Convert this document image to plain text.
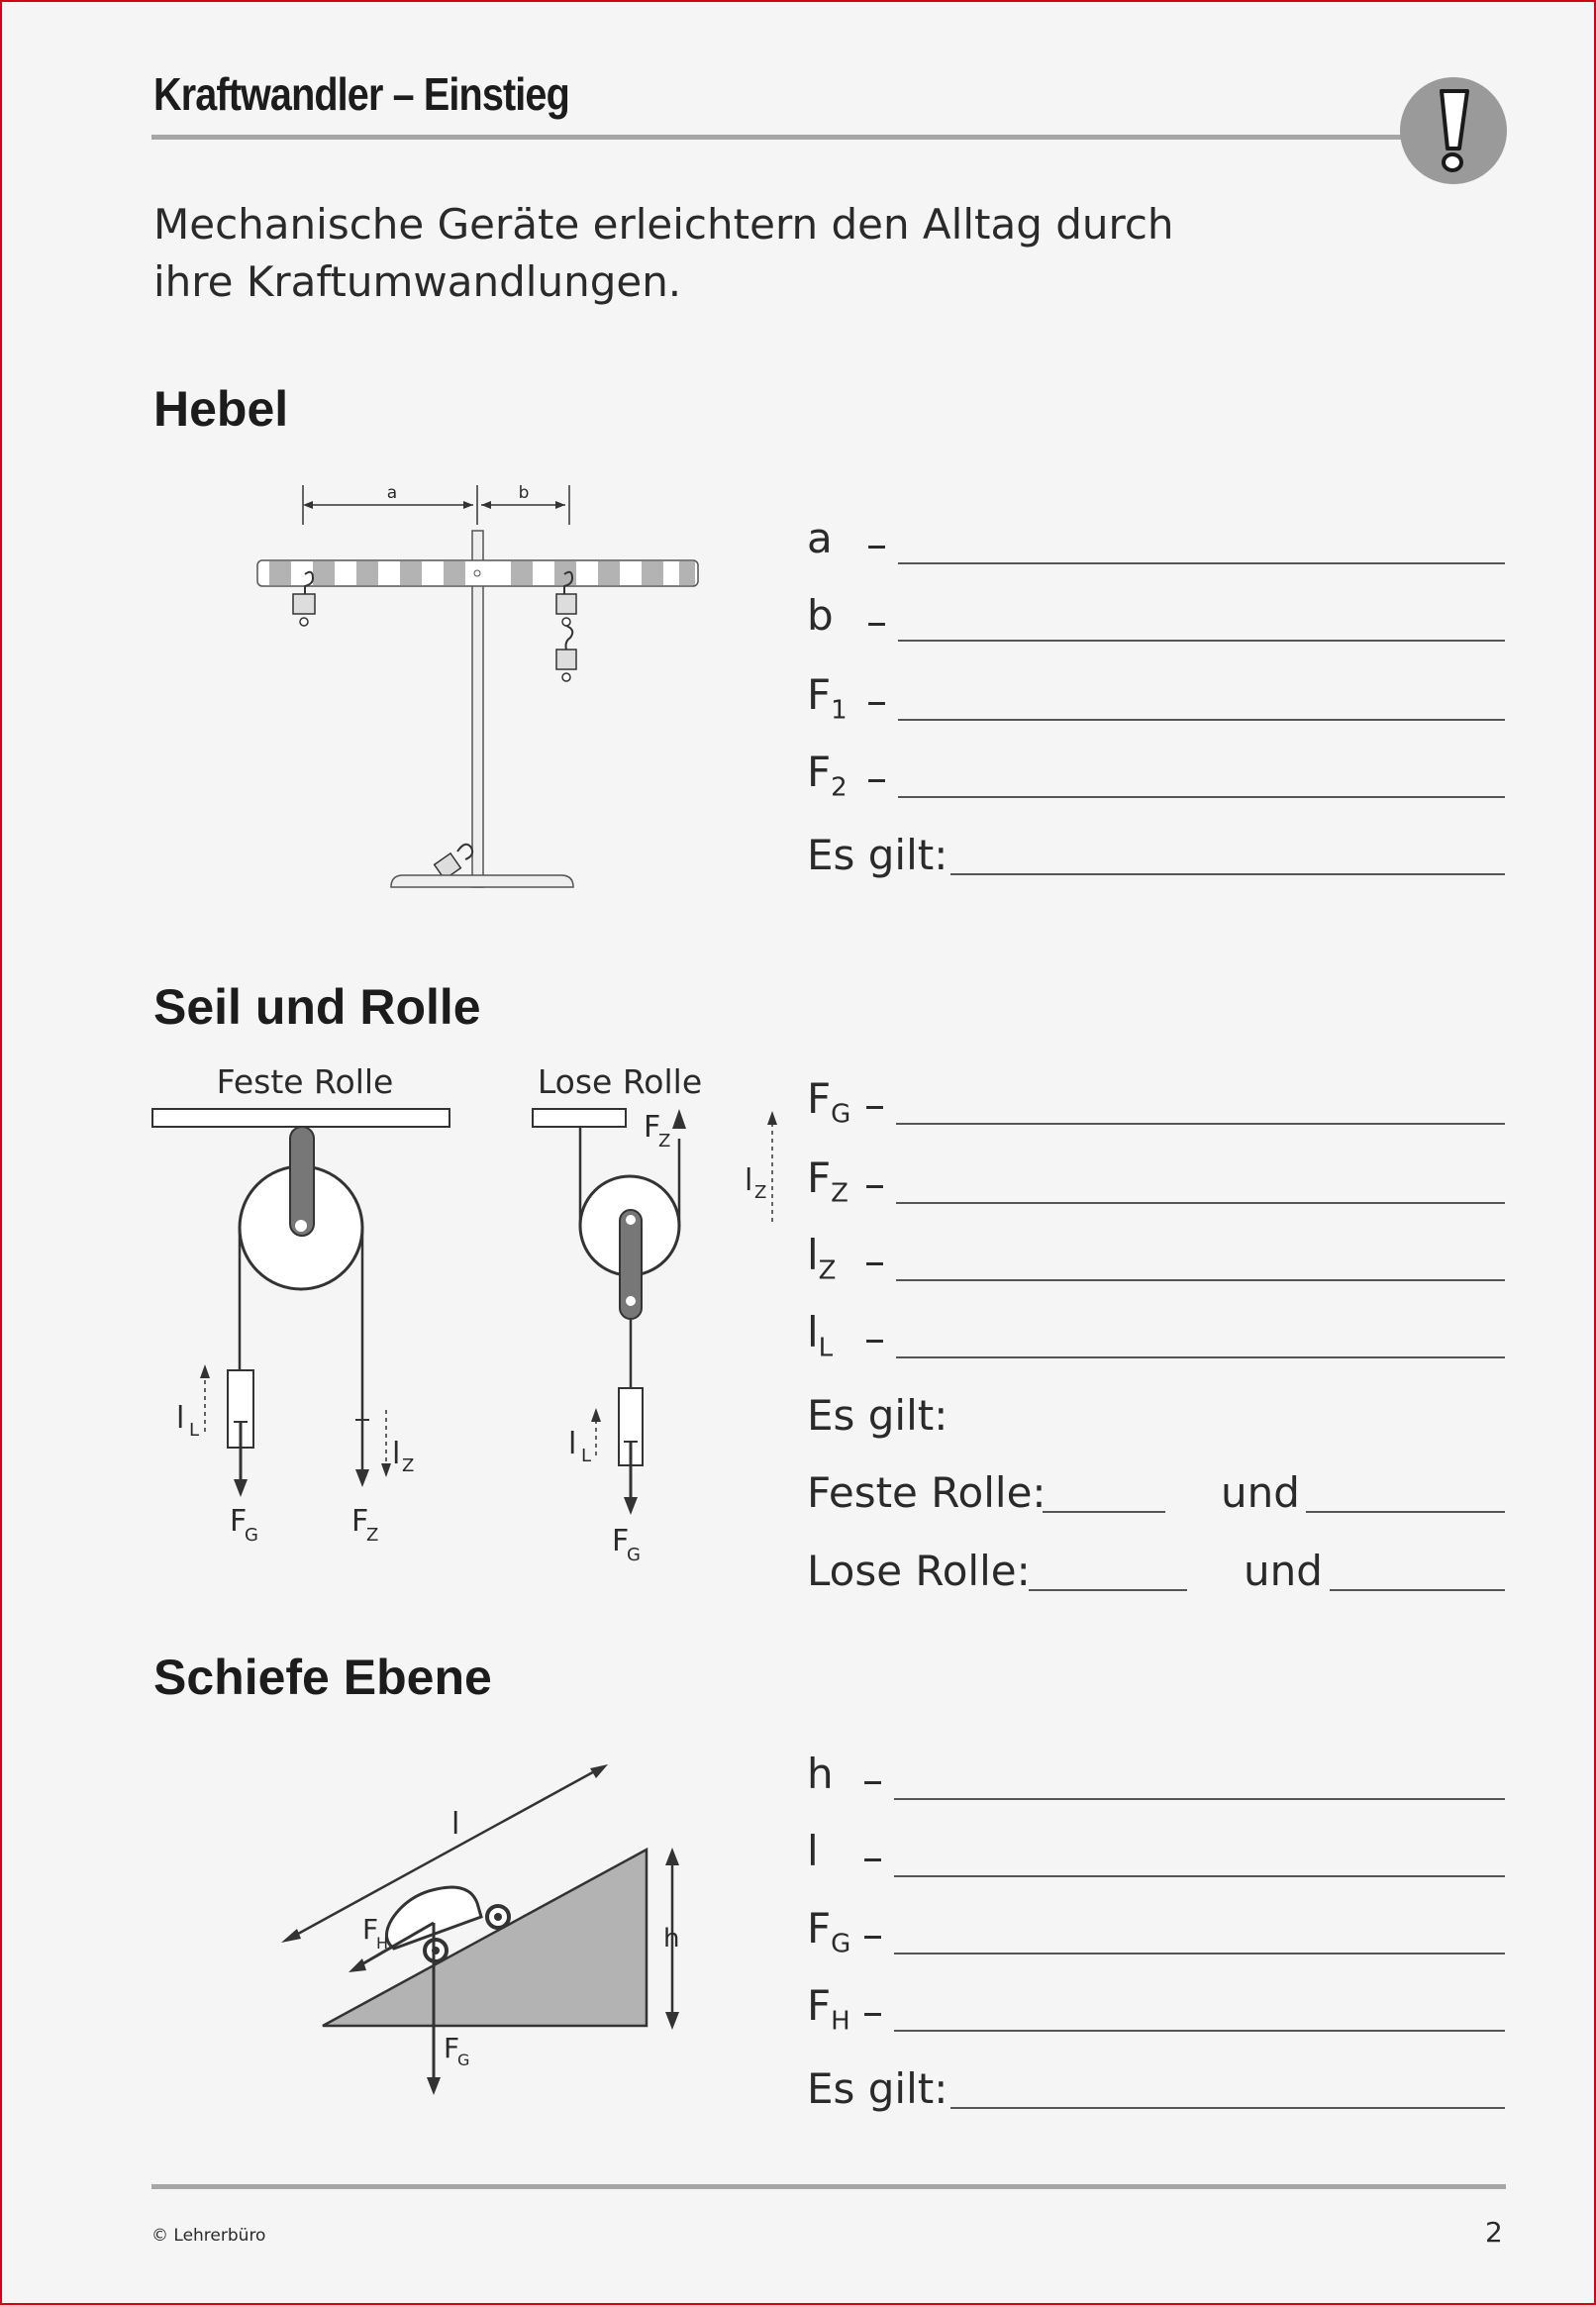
Kraftwandler – Einstieg
Mechanische Geräte erleichtern den Alltag durch ihre Kraftumwandlungen.
Hebel
a	b
a –
b –
$F_1$ –
$F_2$ –
Es gilt:
Seil und Rolle
Feste Rolle
l L
l Z
F
G	F
Z
Lose Rolle
F
Z
l L
F
G
l Z
$F_G$ –
$F_Z$ –
$l_Z$ –
$l_L$ –
Es gilt:
Feste Rolle:	und
Lose Rolle:	und
Schiefe Ebene
l
h
F
G
F
H
h –
l –
$F_G$ –
$F_H$ –
Es gilt:
© Lehrerbüro	2
